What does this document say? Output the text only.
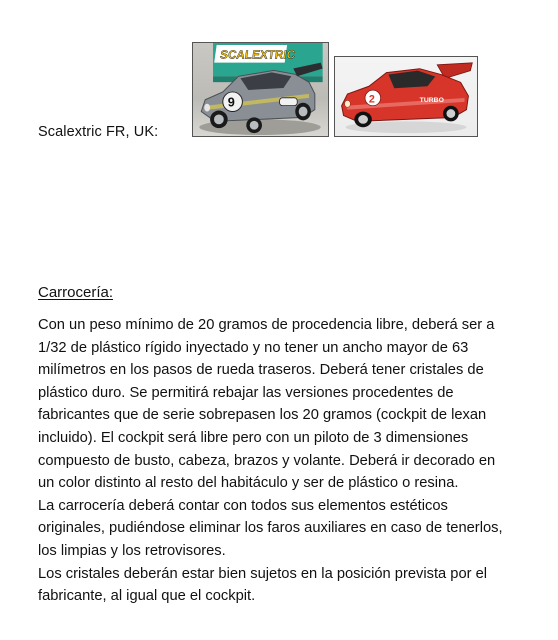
Scalextric FR, UK:
SCALEXTRIC
9	2	TURBO
Carrocería:

Con un peso mínimo de 20 gramos de procedencia libre, deberá ser a
1/32 de plástico rígido inyectado y no tener un ancho mayor de 63
milímetros en los pasos de rueda traseros. Deberá tener cristales de
plástico duro. Se permitirá rebajar las versiones procedentes de
fabricantes que de serie sobrepasen los 20 gramos (cockpit de lexan
incluido). El cockpit será libre pero con un piloto de 3 dimensiones
compuesto de busto, cabeza, brazos y volante. Deberá ir decorado en
un color distinto al resto del habitáculo y ser de plástico o resina.
La carrocería deberá contar con todos sus elementos estéticos
originales, pudiéndose eliminar los faros auxiliares en caso de tenerlos,
los limpias y los retrovisores.
Los cristales deberán estar bien sujetos en la posición prevista por el
fabricante, al igual que el cockpit.
